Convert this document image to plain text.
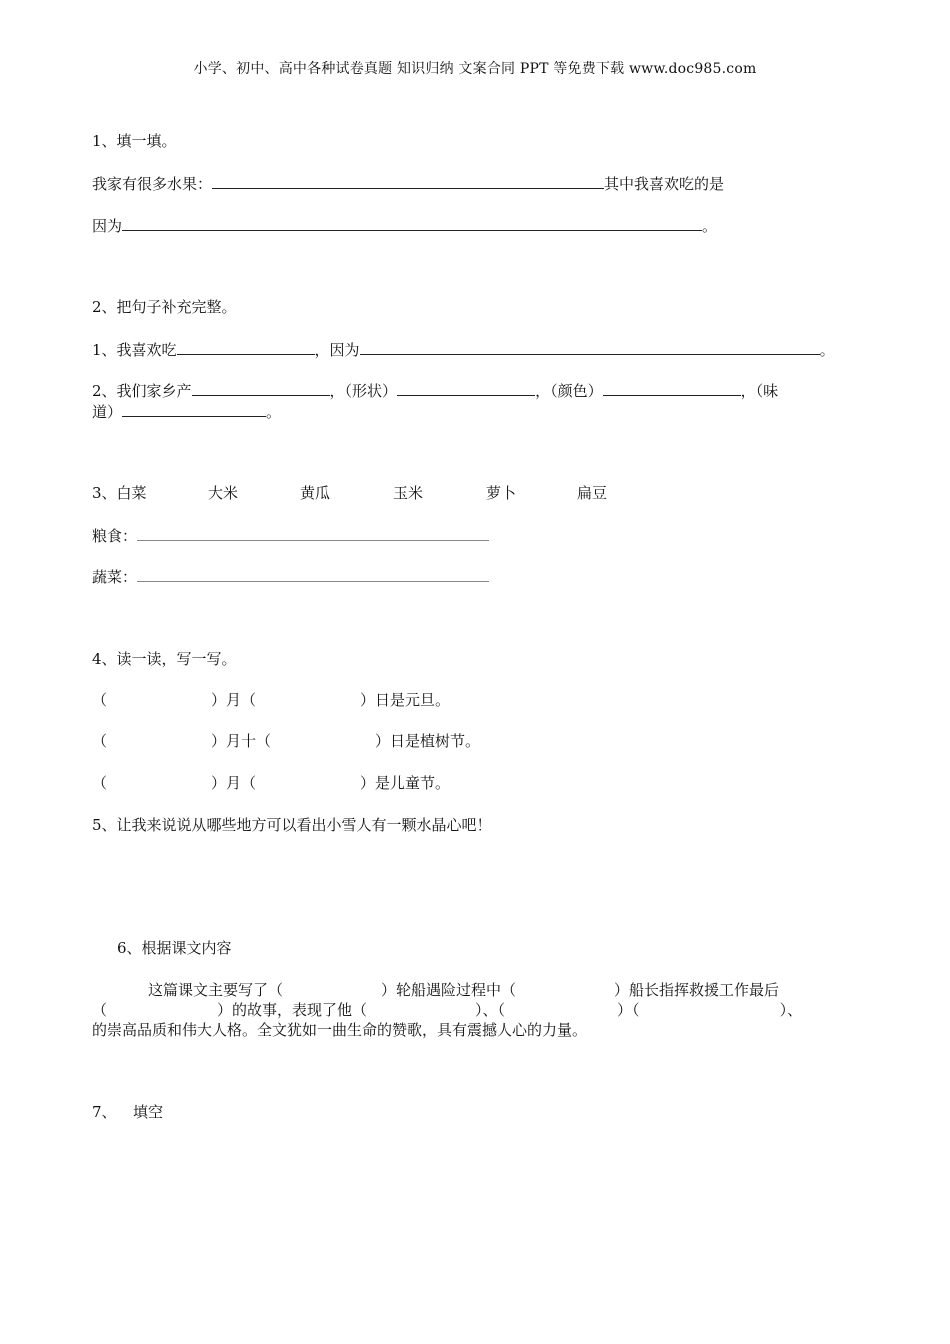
小学、初中、高中各种试卷真题 知识归纳 文案合同 PPT 等免费下载 www.doc985.com
1、填一填。
我家有很多水果：	其中我喜欢吃的是
因为	。
2、把句子补充完整。
1、我喜欢吃	，因为	。
2、我们家乡产	，（形状）	，（颜色）	，（味
道）	。
3、白菜	大米	黄瓜	玉米	萝卜	扁豆
粮食：
蔬菜：
4、读一读，写一写。
（	）月（	）日是元旦。
（	）月十（	）日是植树节。
（	）月（	）是儿童节。
5、让我来说说从哪些地方可以看出小雪人有一颗水晶心吧！
6、根据课文内容
这篇课文主要写了（	）轮船遇险过程中（	）船长指挥救援工作最后
（	）的故事，表现了他（	）、（	）（	）、
的崇高品质和伟大人格。全文犹如一曲生命的赞歌，具有震撼人心的力量。
7、 填空
